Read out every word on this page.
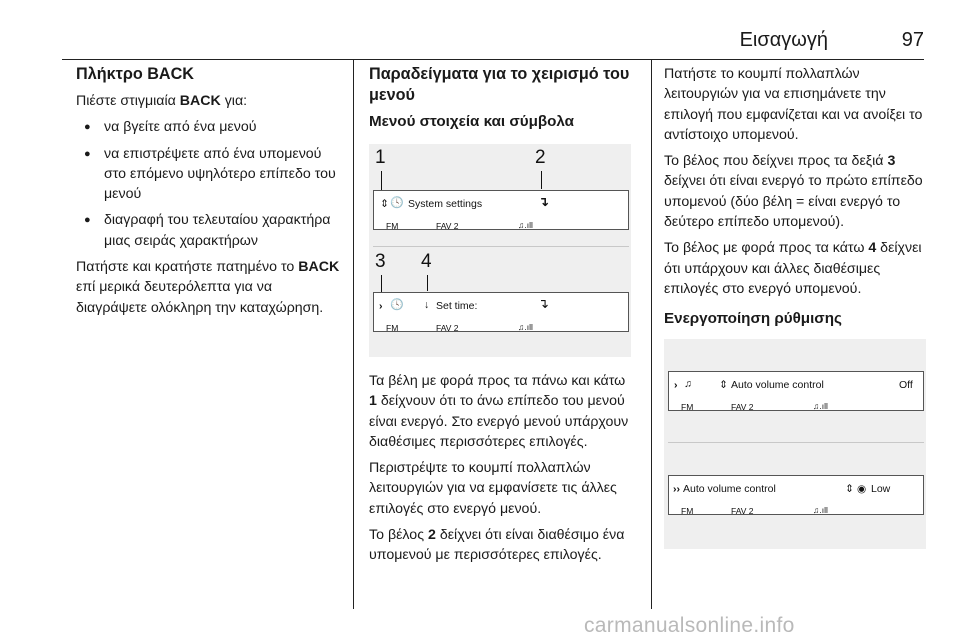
Εισαγωγή	97
Πλήκτρο BACK

Πιέστε στιγμιαία BACK για:

● να βγείτε από ένα μενού
● να επιστρέψετε από ένα υπομενού στο επόμενο υψηλότερο επίπεδο του μενού
● διαγραφή του τελευταίου χαρακτήρα μιας σειράς χαρακτήρων

Πατήστε και κρατήστε πατημένο το BACK επί μερικά δευτερόλεπτα για να διαγράψετε ολόκληρη την καταχώρηση.

Παραδείγματα για το χειρισμό του μενού
Μενού στοιχεία και σύμβολα
1	2
⇕ 🕓 System settings	↴
FM	FAV 2	♫.ıll
3 4
› 🕓 ↓ Set time:	↴
FM	FAV 2	♫.ıll

Τα βέλη με φορά προς τα πάνω και κάτω 1 δείχνουν ότι το άνω επίπεδο του μενού είναι ενεργό. Στο ενεργό μενού υπάρχουν διαθέσιμες περισσότερες επιλογές.

Περιστρέψτε το κουμπί πολλαπλών λειτουργιών για να εμφανίσετε τις άλλες επιλογές στο ενεργό μενού.

Το βέλος 2 δείχνει ότι είναι διαθέσιμο ένα υπομενού με περισσότερες επιλογές.

Πατήστε το κουμπί πολλαπλών λειτουργιών για να επισημάνετε την επιλογή που εμφανίζεται και να ανοίξει το αντίστοιχο υπομενού.

Το βέλος που δείχνει προς τα δεξιά 3 δείχνει ότι είναι ενεργό το πρώτο επίπεδο υπομενού (δύο βέλη = είναι ενεργό το δεύτερο επίπεδο υπομενού).

Το βέλος με φορά προς τα κάτω 4 δείχνει ότι υπάρχουν και άλλες διαθέσιμες επιλογές στο ενεργό υπομενού.

Ενεργοποίηση ρύθμισης
› ♫	⇕ Auto volume control	Off
FM	FAV 2	♫.ıll
›› Auto volume control	⇕ ◉ Low
FM	FAV 2	♫.ıll
carmanualsonline.info
